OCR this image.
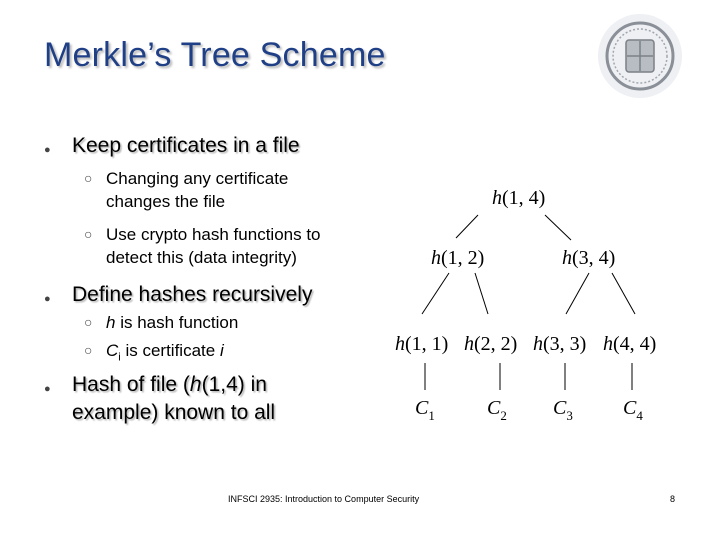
Merkle’s Tree Scheme
● Keep certificates in a file
○ Changing any certificate
changes the file
○ Use crypto hash functions to
detect this (data integrity)
● Define hashes recursively
○ h is hash function
○ $C_i$ is certificate i
● Hash of file (h(1,4) in
example) known to all
h(1, 4)
h(1, 2)	h(3, 4)
h(1, 1) h(2, 2) h(3, 3) h(4, 4)
$C_1$	$C_2$ $C_3$	$C_4$
INFSCI 2935: Introduction to Computer Security	8
